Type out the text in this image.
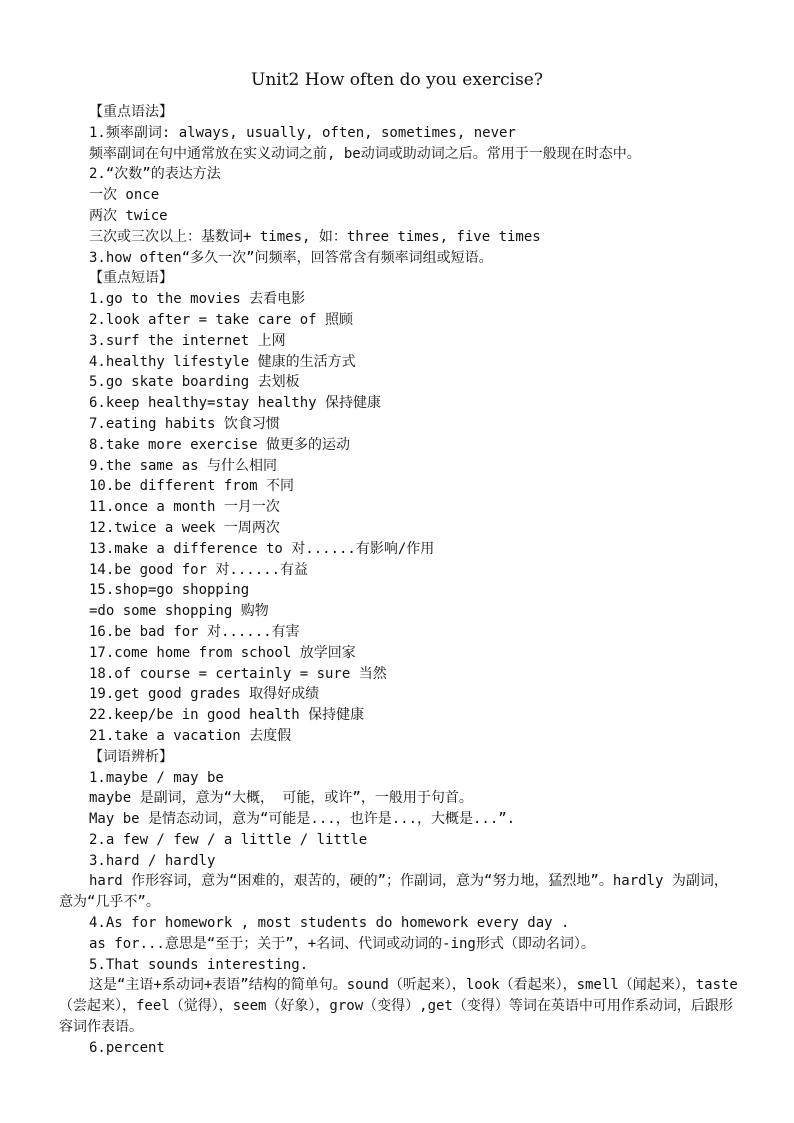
Unit2 How often do you exercise?
【重点语法】
1.频率副词: always, usually, often, sometimes, never
频率副词在句中通常放在实义动词之前, be动词或助动词之后。常用于一般现在时态中。
2.“次数”的表达方法
一次 once
两次 twice
三次或三次以上：基数词+ times, 如：three times, five times
3.how often“多久一次”问频率，回答常含有频率词组或短语。
【重点短语】
1.go to the movies 去看电影
2.look after = take care of 照顾
3.surf the internet 上网
4.healthy lifestyle 健康的生活方式
5.go skate boarding 去划板
6.keep healthy=stay healthy 保持健康
7.eating habits 饮食习惯
8.take more exercise 做更多的运动
9.the same as 与什么相同
10.be different from 不同
11.once a month 一月一次
12.twice a week 一周两次
13.make a difference to 对......有影响/作用
14.be good for 对......有益
15.shop=go shopping
=do some shopping 购物
16.be bad for 对......有害
17.come home from school 放学回家
18.of course = certainly = sure 当然
19.get good grades 取得好成绩
22.keep/be in good health 保持健康
21.take a vacation 去度假
【词语辨析】
1.maybe / may be
maybe 是副词，意为“大概， 可能，或许”，一般用于句首。
May be 是情态动词，意为“可能是...，也许是...，大概是...”.
2.a few / few / a little / little
3.hard / hardly
hard 作形容词，意为“困难的，艰苦的，硬的”；作副词，意为“努力地，猛烈地”。hardly 为副词，意为“几乎不”。
4.As for homework , most students do homework every day .
as for...意思是“至于；关于”，+名词、代词或动词的-ing形式（即动名词）。
5.That sounds interesting.
这是“主语+系动词+表语”结构的简单句。sound（听起来），look（看起来），smell（闻起来），taste（尝起来），feel（觉得），seem（好象），grow（变得）,get（变得）等词在英语中可用作系动词，后跟形容词作表语。
6.percent
